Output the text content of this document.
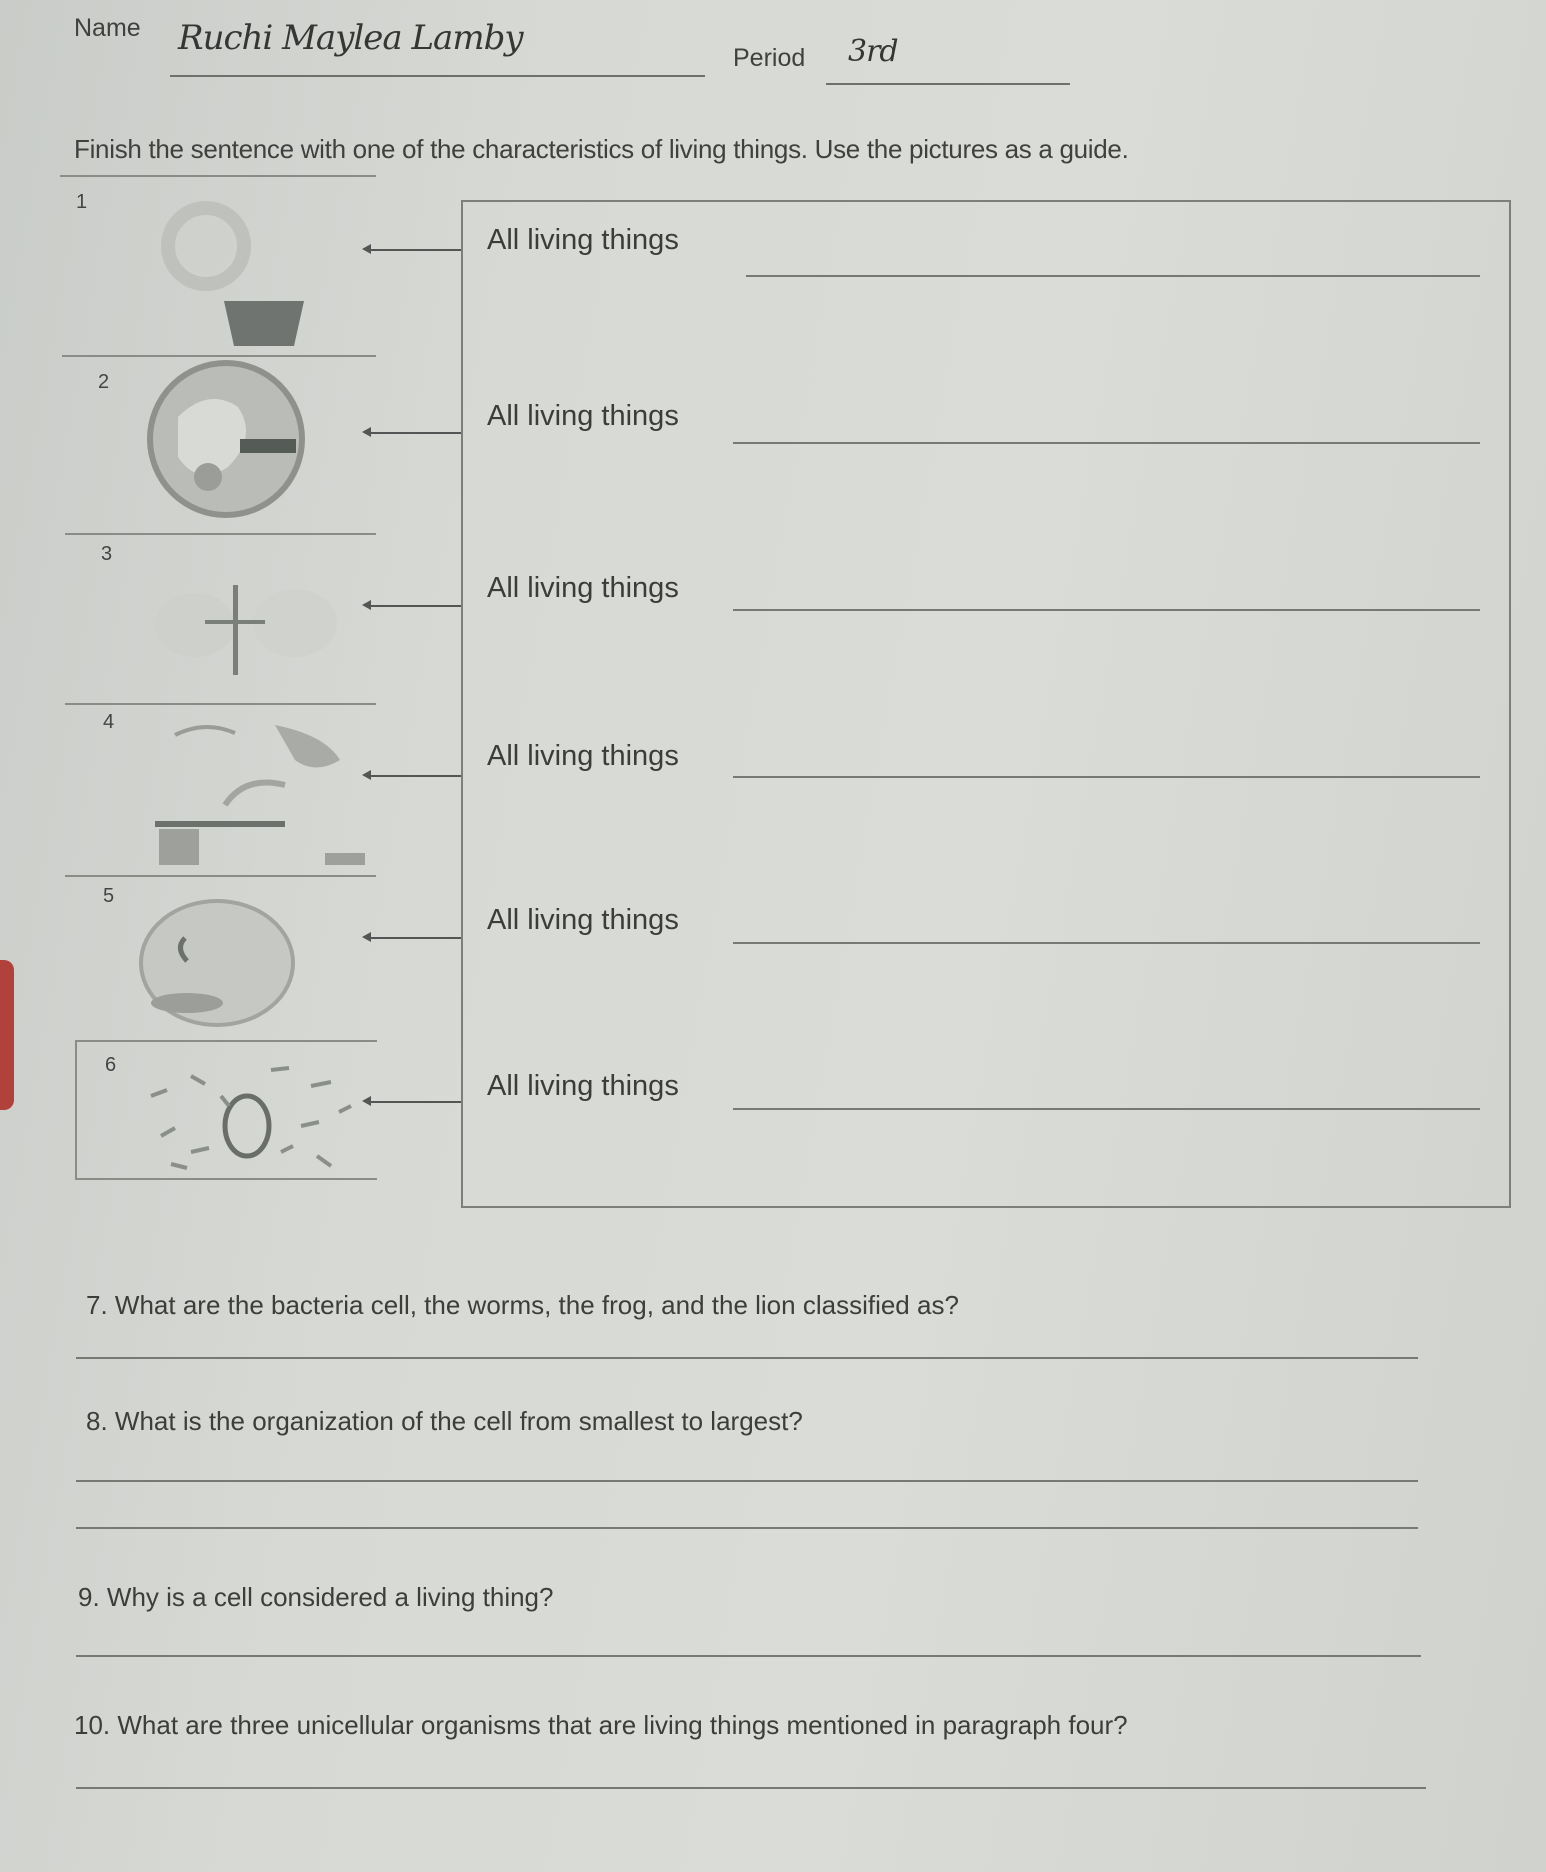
Name Ruchi Maylea Lamby	Period 3rd
Finish the sentence with one of the characteristics of living things. Use the pictures as a guide.
1
2
3
4
5
6
All living things
All living things
All living things
All living things
All living things
All living things
7. What are the bacteria cell, the worms, the frog, and the lion classified as?
8. What is the organization of the cell from smallest to largest?
9. Why is a cell considered a living thing?
10. What are three unicellular organisms that are living things mentioned in paragraph four?
